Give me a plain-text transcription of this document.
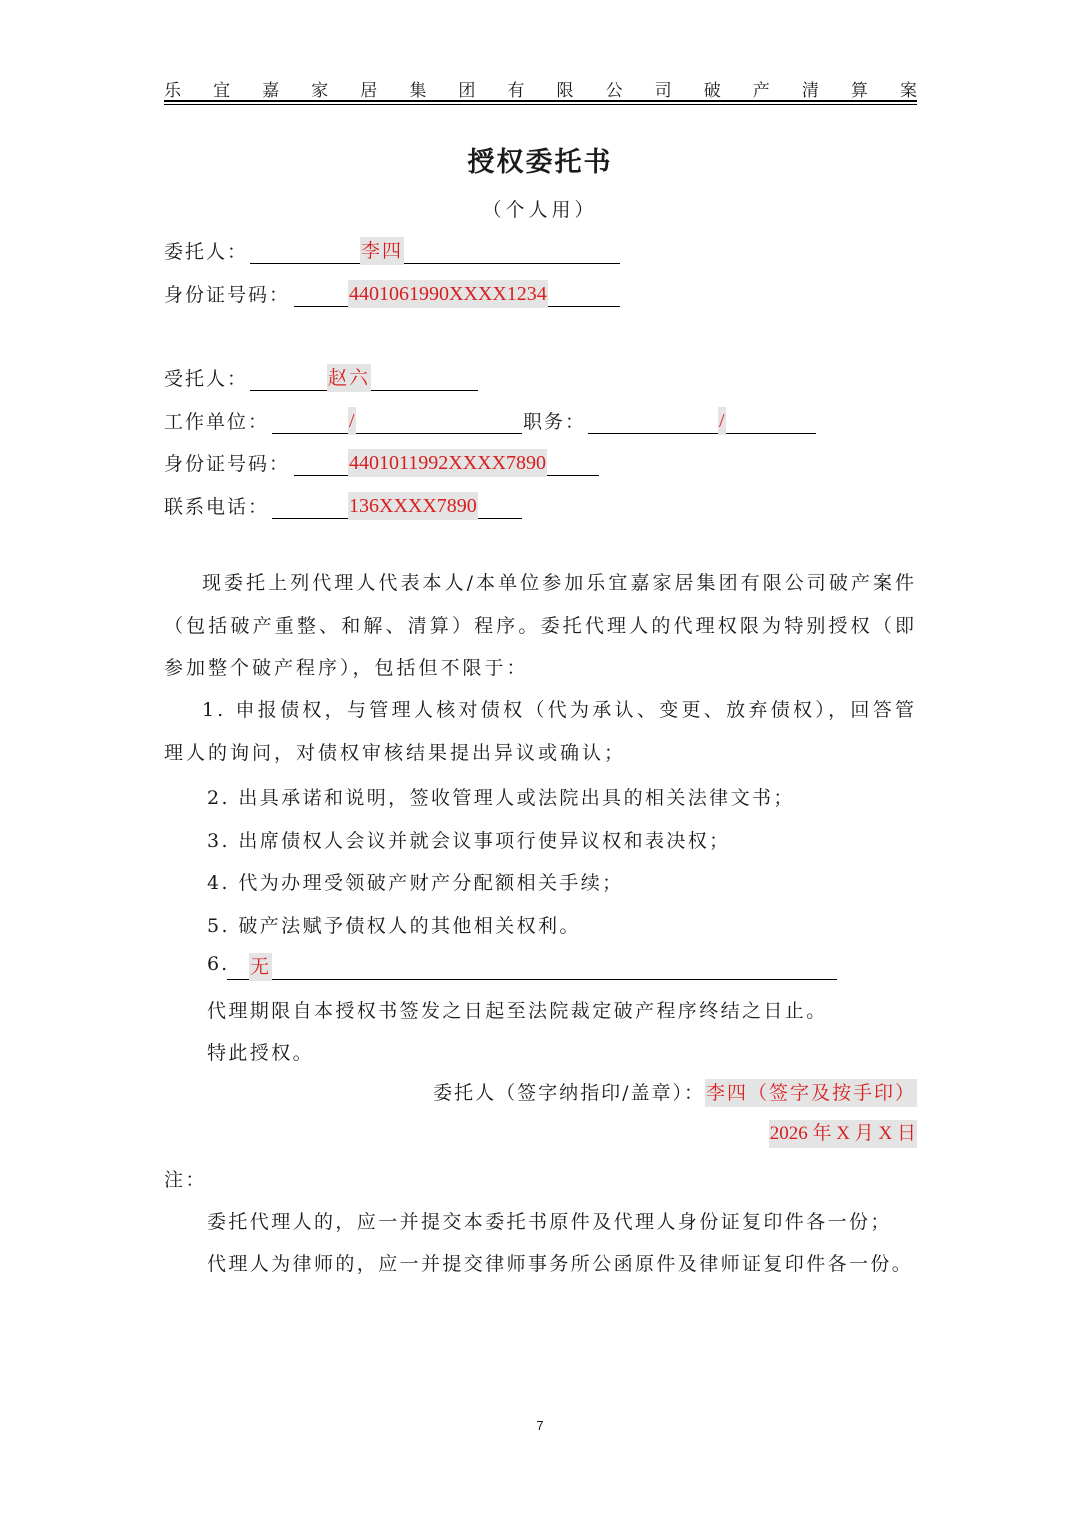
乐 宜 嘉 家 居 集 团 有 限 公 司 破 产 清 算 案
授权委托书
（个人用）
委托人：	李四
身份证号码：	4401061990XXXX1234
受托人：	赵六
工作单位：	/	职务：	/
身份证号码：	4401011992XXXX7890
联系电话：	136XXXX7890

现委托上列代理人代表本人/本单位参加乐宜嘉家居集团有限公司破产案件（包括破产重整、和解、清算）程序。委托代理人的代理权限为特别授权（即参加整个破产程序），包括但不限于：

1. 申报债权，与管理人核对债权（代为承认、变更、放弃债权），回答管理人的询问，对债权审核结果提出异议或确认；

2. 出具承诺和说明，签收管理人或法院出具的相关法律文书；
3. 出席债权人会议并就会议事项行使异议权和表决权；
4. 代为办理受领破产财产分配额相关手续；
5. 破产法赋予债权人的其他相关权利。
6. 无
代理期限自本授权书签发之日起至法院裁定破产程序终结之日止。
特此授权。
委托人（签字纳指印/盖章）：李四（签字及按手印）
2026 年 X 月 X 日
注：
委托代理人的，应一并提交本委托书原件及代理人身份证复印件各一份；
代理人为律师的，应一并提交律师事务所公函原件及律师证复印件各一份。
7
